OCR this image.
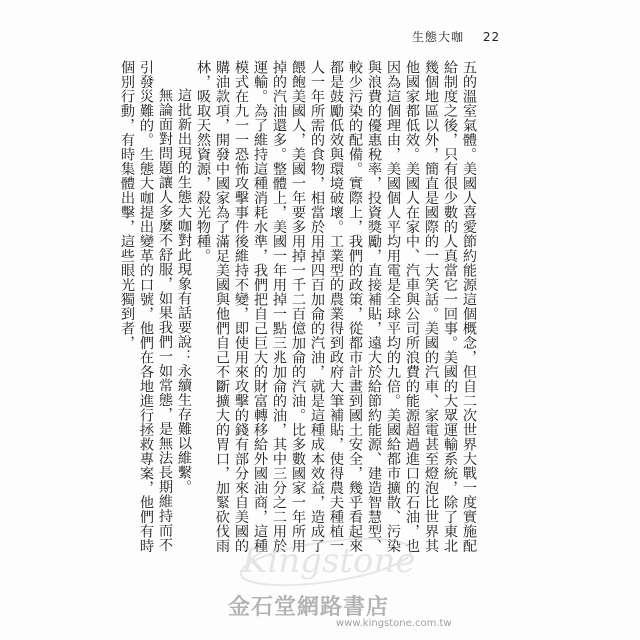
生態大咖 22

五的溫室氣體。美國人喜愛節約能源這個概念，但自二次世界大戰一度實施配給制度之後，只有很少數的人真當它一回事。美國的大眾運輸系統，除了東北幾個地區以外，簡直是國際的一大笑話。美國的汽車、家電甚至燈泡比世界其他國家都低效。美國人在家中、汽車與公司所浪費的能源超過進口的石油，也因為這個理由，美國個人平均用電是全球平均的九倍。美國給都市擴散、污染與浪費的優惠稅率，投資獎勵，直接補貼，遠大於給節約能源、建造智慧型、較少污染的配備。實際上，我們的政策，從都市計畫到國土安全，幾乎看起來都是鼓勵低效與環境破壞。工業型的農業得到政府大筆補貼，使得農夫種植一人一年所需的食物，相當於用掉四百加侖的汽油，就是這種成本效益，造成了餵飽美國人，美國一年要多用掉一千二百億加侖的汽油。比多數國家一年所用掉的汽油還多。整體上，美國一年用掉一點三兆加侖的油，其中三分之二用於運輸。為了維持這種消耗水準，我們把自己巨大的財富轉移給外國油商，這種模式在九一一恐怖攻擊事件後維持不變，即使用來攻擊的錢有部分來自美國的購油款項，開發中國家為了滿足美國與他們自己不斷擴大的胃口，加緊砍伐雨林，吸取天然資源，殺光物種。

這批新出現的生態大咖對此現象有話要說：永續生存難以維繫。

無論面對問題讓人多麼不舒服，如果我們一如常態，是無法長期維持而不引發災難的。生態大咖提出變革的口號，他們在各地進行拯救專案，他們有時個別行動，有時集體出擊，這些眼光獨到者，

Kingstone
金石堂網路書店
www.kingstone.com.tw
